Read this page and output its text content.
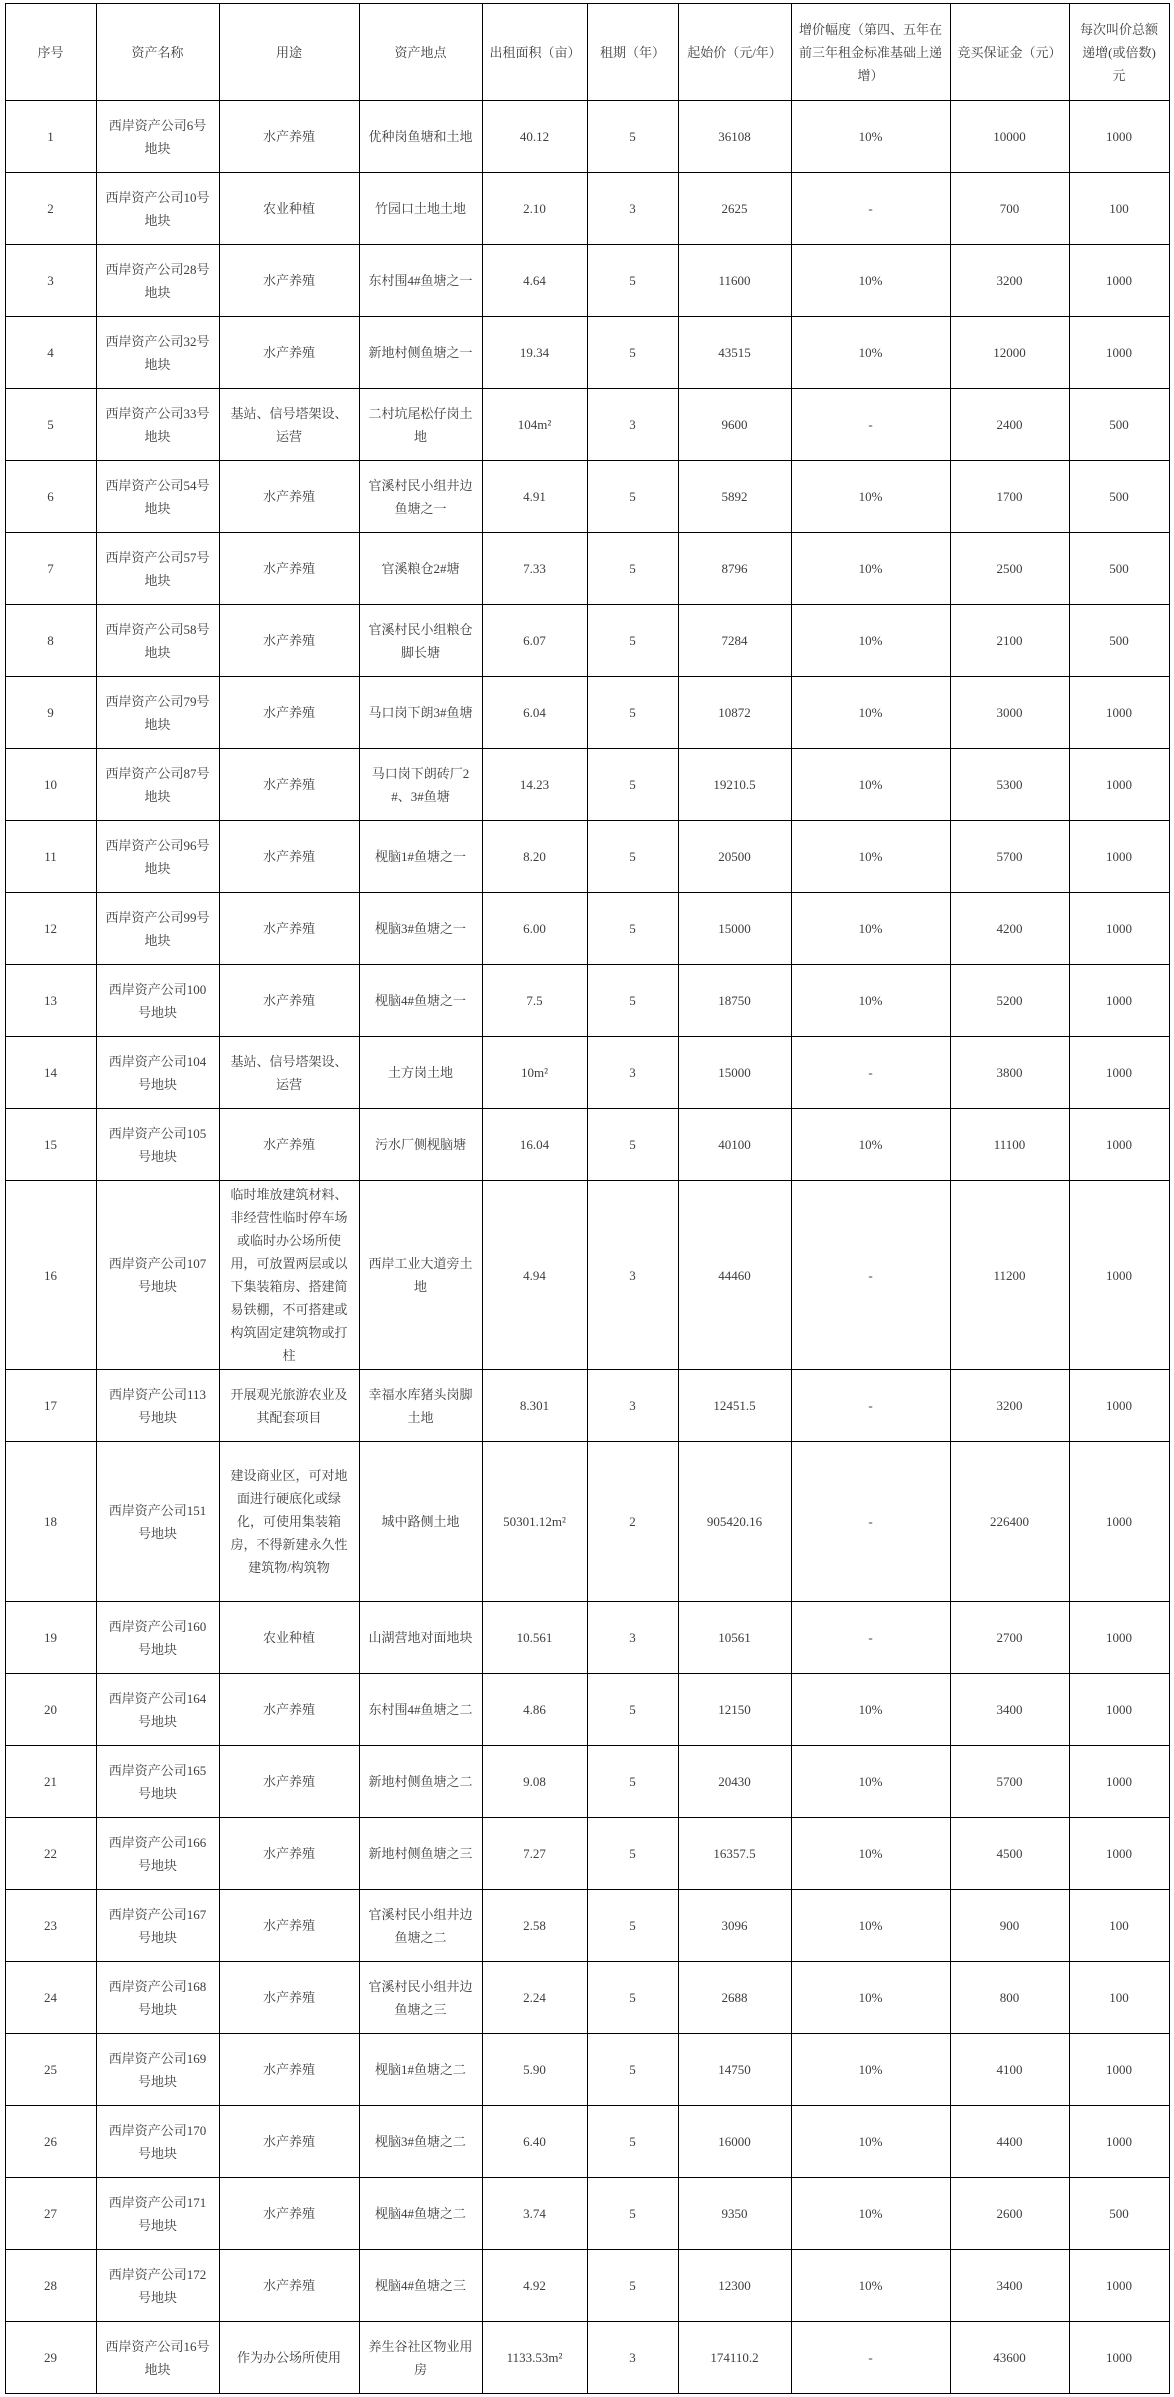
序号	资产名称	用途	资产地点	出租面积（亩）	租期（年）	起始价（元/年）	增价幅度（第四、五年在前三年租金标准基础上递增）	竞买保证金（元）	每次叫价总额递增(或倍数)元
1	西岸资产公司6号地块	水产养殖	优种岗鱼塘和土地	40.12	5	36108	10%	10000	1000
2	西岸资产公司10号地块	农业种植	竹园口土地土地	2.10	3	2625	-	700	100
3	西岸资产公司28号地块	水产养殖	东村围4#鱼塘之一	4.64	5	11600	10%	3200	1000
4	西岸资产公司32号地块	水产养殖	新地村侧鱼塘之一	19.34	5	43515	10%	12000	1000
5	西岸资产公司33号地块	基站、信号塔架设、运营	二村坑尾松仔岗土地	104m²	3	9600	-	2400	500
6	西岸资产公司54号地块	水产养殖	官溪村民小组井边鱼塘之一	4.91	5	5892	10%	1700	500
7	西岸资产公司57号地块	水产养殖	官溪粮仓2#塘	7.33	5	8796	10%	2500	500
8	西岸资产公司58号地块	水产养殖	官溪村民小组粮仓脚长塘	6.07	5	7284	10%	2100	500
9	西岸资产公司79号地块	水产养殖	马口岗下朗3#鱼塘	6.04	5	10872	10%	3000	1000
10	西岸资产公司87号地块	水产养殖	马口岗下朗砖厂2#、3#鱼塘	14.23	5	19210.5	10%	5300	1000
11	西岸资产公司96号地块	水产养殖	枧脑1#鱼塘之一	8.20	5	20500	10%	5700	1000
12	西岸资产公司99号地块	水产养殖	枧脑3#鱼塘之一	6.00	5	15000	10%	4200	1000
13	西岸资产公司100号地块	水产养殖	枧脑4#鱼塘之一	7.5	5	18750	10%	5200	1000
14	西岸资产公司104号地块	基站、信号塔架设、运营	土方岗土地	10m²	3	15000	-	3800	1000
15	西岸资产公司105号地块	水产养殖	污水厂侧枧脑塘	16.04	5	40100	10%	11100	1000
16	西岸资产公司107号地块	临时堆放建筑材料、非经营性临时停车场或临时办公场所使用，可放置两层或以下集装箱房、搭建简易铁棚，不可搭建或构筑固定建筑物或打柱	西岸工业大道旁土地	4.94	3	44460	-	11200	1000
17	西岸资产公司113号地块	开展观光旅游农业及其配套项目	幸福水库猪头岗脚土地	8.301	3	12451.5	-	3200	1000
18	西岸资产公司151号地块	建设商业区，可对地面进行硬底化或绿化，可使用集装箱房，不得新建永久性建筑物/构筑物	城中路侧土地	50301.12m²	2	905420.16	-	226400	1000
19	西岸资产公司160号地块	农业种植	山湖营地对面地块	10.561	3	10561	-	2700	1000
20	西岸资产公司164号地块	水产养殖	东村围4#鱼塘之二	4.86	5	12150	10%	3400	1000
21	西岸资产公司165号地块	水产养殖	新地村侧鱼塘之二	9.08	5	20430	10%	5700	1000
22	西岸资产公司166号地块	水产养殖	新地村侧鱼塘之三	7.27	5	16357.5	10%	4500	1000
23	西岸资产公司167号地块	水产养殖	官溪村民小组井边鱼塘之二	2.58	5	3096	10%	900	100
24	西岸资产公司168号地块	水产养殖	官溪村民小组井边鱼塘之三	2.24	5	2688	10%	800	100
25	西岸资产公司169号地块	水产养殖	枧脑1#鱼塘之二	5.90	5	14750	10%	4100	1000
26	西岸资产公司170号地块	水产养殖	枧脑3#鱼塘之二	6.40	5	16000	10%	4400	1000
27	西岸资产公司171号地块	水产养殖	枧脑4#鱼塘之二	3.74	5	9350	10%	2600	500
28	西岸资产公司172号地块	水产养殖	枧脑4#鱼塘之三	4.92	5	12300	10%	3400	1000
29	西岸资产公司16号地块	作为办公场所使用	养生谷社区物业用房	1133.53m²	3	174110.2	-	43600	1000
